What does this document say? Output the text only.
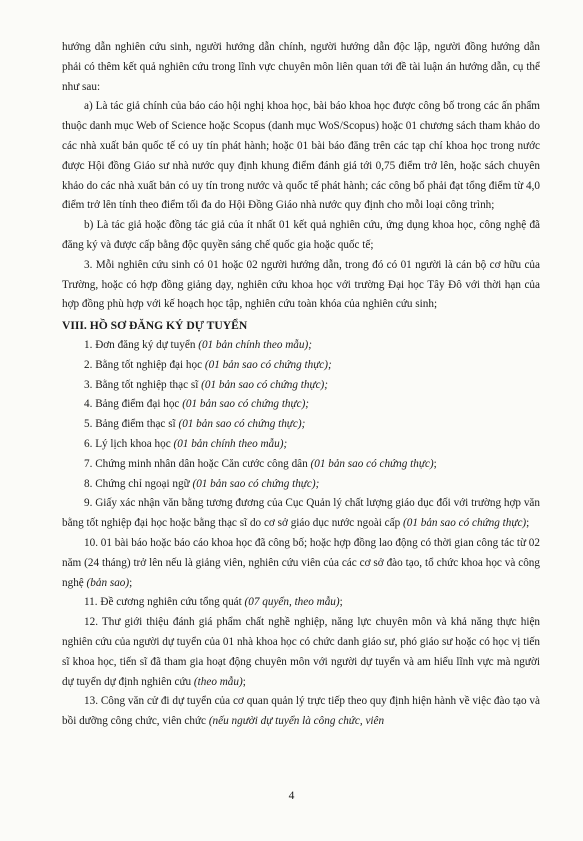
hướng dẫn nghiên cứu sinh, người hướng dẫn chính, người hướng dẫn độc lập, người đồng hướng dẫn phải có thêm kết quả nghiên cứu trong lĩnh vực chuyên môn liên quan tới đề tài luận án hướng dẫn, cụ thể như sau:

a) Là tác giả chính của báo cáo hội nghị khoa học, bài báo khoa học được công bố trong các ấn phẩm thuộc danh mục Web of Science hoặc Scopus (danh mục WoS/Scopus) hoặc 01 chương sách tham khảo do các nhà xuất bản quốc tế có uy tín phát hành; hoặc 01 bài báo đăng trên các tạp chí khoa học trong nước được Hội đồng Giáo sư nhà nước quy định khung điểm đánh giá tới 0,75 điểm trở lên, hoặc sách chuyên khảo do các nhà xuất bản có uy tín trong nước và quốc tế phát hành; các công bố phải đạt tổng điểm từ 4,0 điểm trở lên tính theo điểm tối đa do Hội Đồng Giáo nhà nước quy định cho mỗi loại công trình;

b) Là tác giả hoặc đồng tác giả của ít nhất 01 kết quả nghiên cứu, ứng dụng khoa học, công nghệ đã đăng ký và được cấp bằng độc quyền sáng chế quốc gia hoặc quốc tế;

3. Mỗi nghiên cứu sinh có 01 hoặc 02 người hướng dẫn, trong đó có 01 người là cán bộ cơ hữu của Trường, hoặc có hợp đồng giảng dạy, nghiên cứu khoa học với trường Đại học Tây Đô với thời hạn của hợp đồng phù hợp với kế hoạch học tập, nghiên cứu toàn khóa của nghiên cứu sinh;

VIII. HỒ SƠ ĐĂNG KÝ DỰ TUYỂN

1. Đơn đăng ký dự tuyển (01 bản chính theo mẫu);

2. Bằng tốt nghiệp đại học (01 bản sao có chứng thực);

3. Bằng tốt nghiệp thạc sĩ (01 bản sao có chứng thực);

4. Bảng điểm đại học (01 bản sao có chứng thực);

5. Bảng điểm thạc sĩ (01 bản sao có chứng thực);

6. Lý lịch khoa học (01 bản chính theo mẫu);

7. Chứng minh nhân dân hoặc Căn cước công dân (01 bản sao có chứng thực);

8. Chứng chỉ ngoại ngữ (01 bản sao có chứng thực);

9. Giấy xác nhận văn bằng tương đương của Cục Quản lý chất lượng giáo dục đối với trường hợp văn bằng tốt nghiệp đại học hoặc bằng thạc sĩ do cơ sở giáo dục nước ngoài cấp (01 bản sao có chứng thực);

10. 01 bài báo hoặc báo cáo khoa học đã công bố; hoặc hợp đồng lao động có thời gian công tác từ 02 năm (24 tháng) trở lên nếu là giảng viên, nghiên cứu viên của các cơ sở đào tạo, tổ chức khoa học và công nghệ (bản sao);

11. Đề cương nghiên cứu tổng quát (07 quyển, theo mẫu);

12. Thư giới thiệu đánh giá phẩm chất nghề nghiệp, năng lực chuyên môn và khả năng thực hiện nghiên cứu của người dự tuyển của 01 nhà khoa học có chức danh giáo sư, phó giáo sư hoặc có học vị tiến sĩ khoa học, tiến sĩ đã tham gia hoạt động chuyên môn với người dự tuyển và am hiểu lĩnh vực mà người dự tuyển dự định nghiên cứu (theo mẫu);

13. Công văn cử đi dự tuyển của cơ quan quản lý trực tiếp theo quy định hiện hành về việc đào tạo và bồi dưỡng công chức, viên chức (nếu người dự tuyển là công chức, viên

4
